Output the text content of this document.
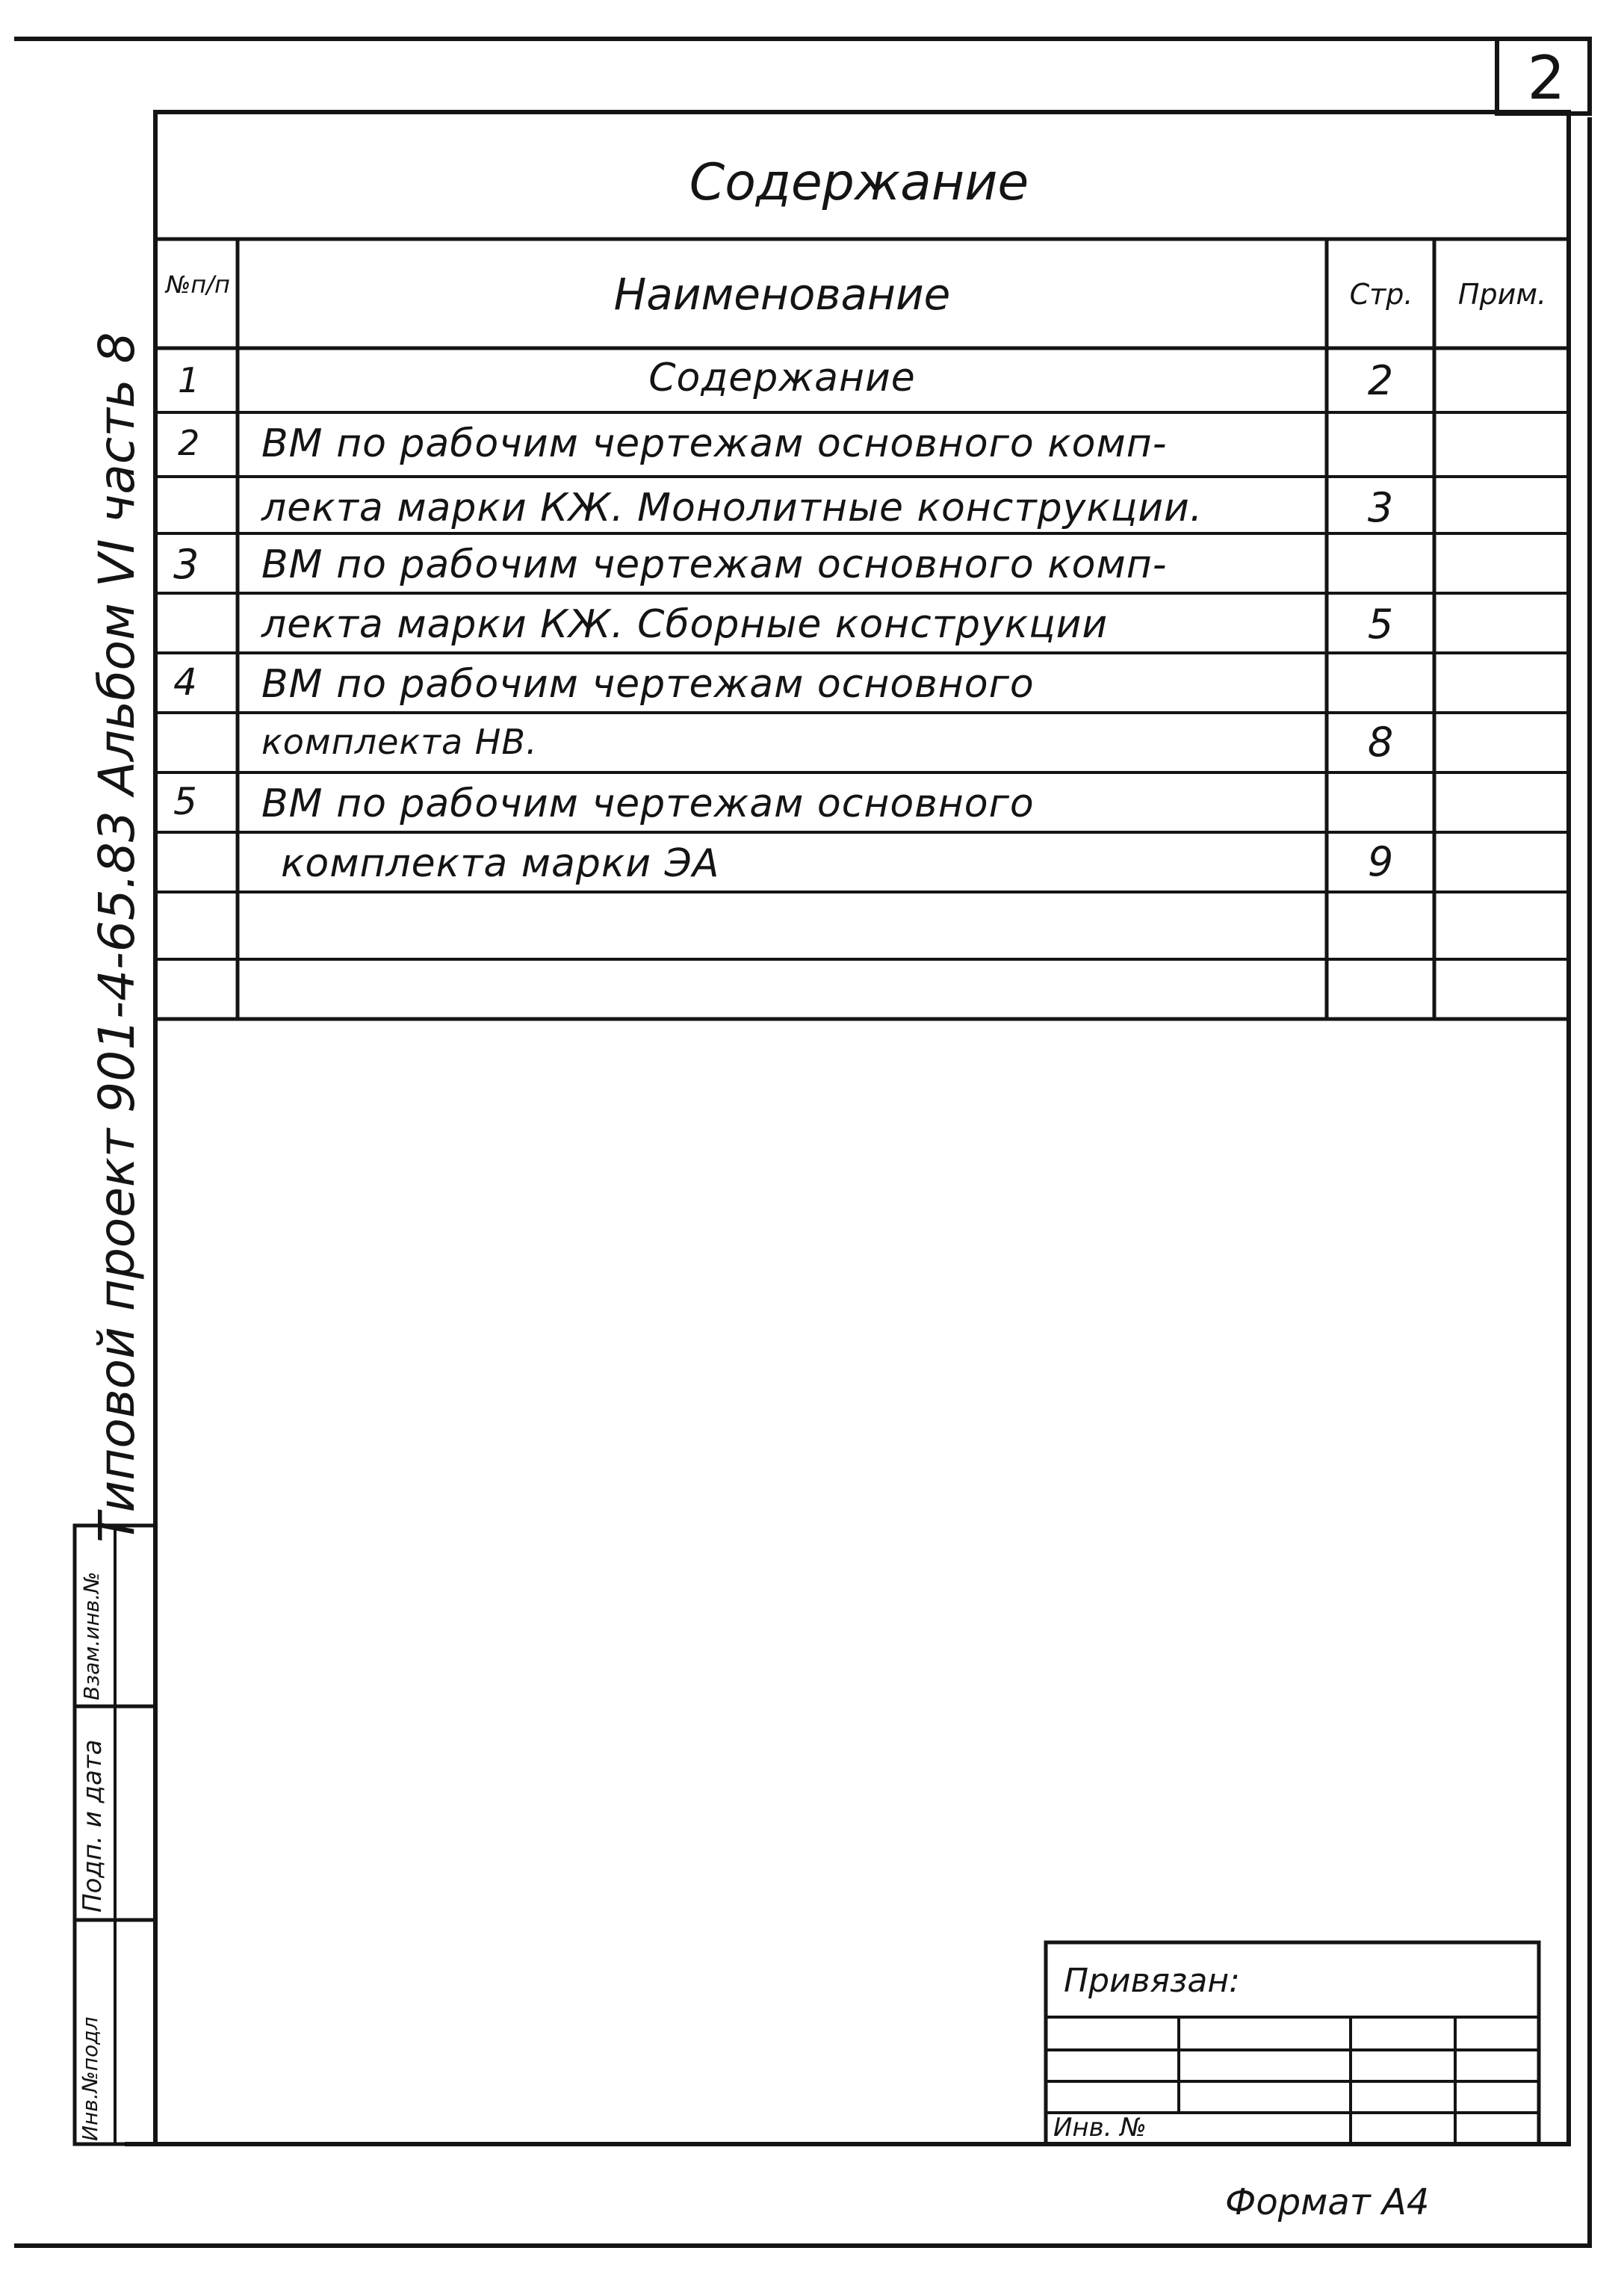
2
Содержание
Типовой проект 901-4-65.83 Альбом VI часть 8
№п/п	Наименование	Стр.	Прим.
1	Содержание	2
2 ВМ по рабочим чертежам основного комп-
лекта марки КЖ. Монолитные конструкции.	3
3 ВМ по рабочим чертежам основного комп-
лекта марки КЖ. Сборные конструкции	5
4 ВМ по рабочим чертежам основного
комплекта НВ.	8
5 ВМ по рабочим чертежам основного
комплекта марки ЭА	9
Инв.№подл
Подп. и дата
Взам.инв.№
Привязан:
Инв. №
Формат А4
